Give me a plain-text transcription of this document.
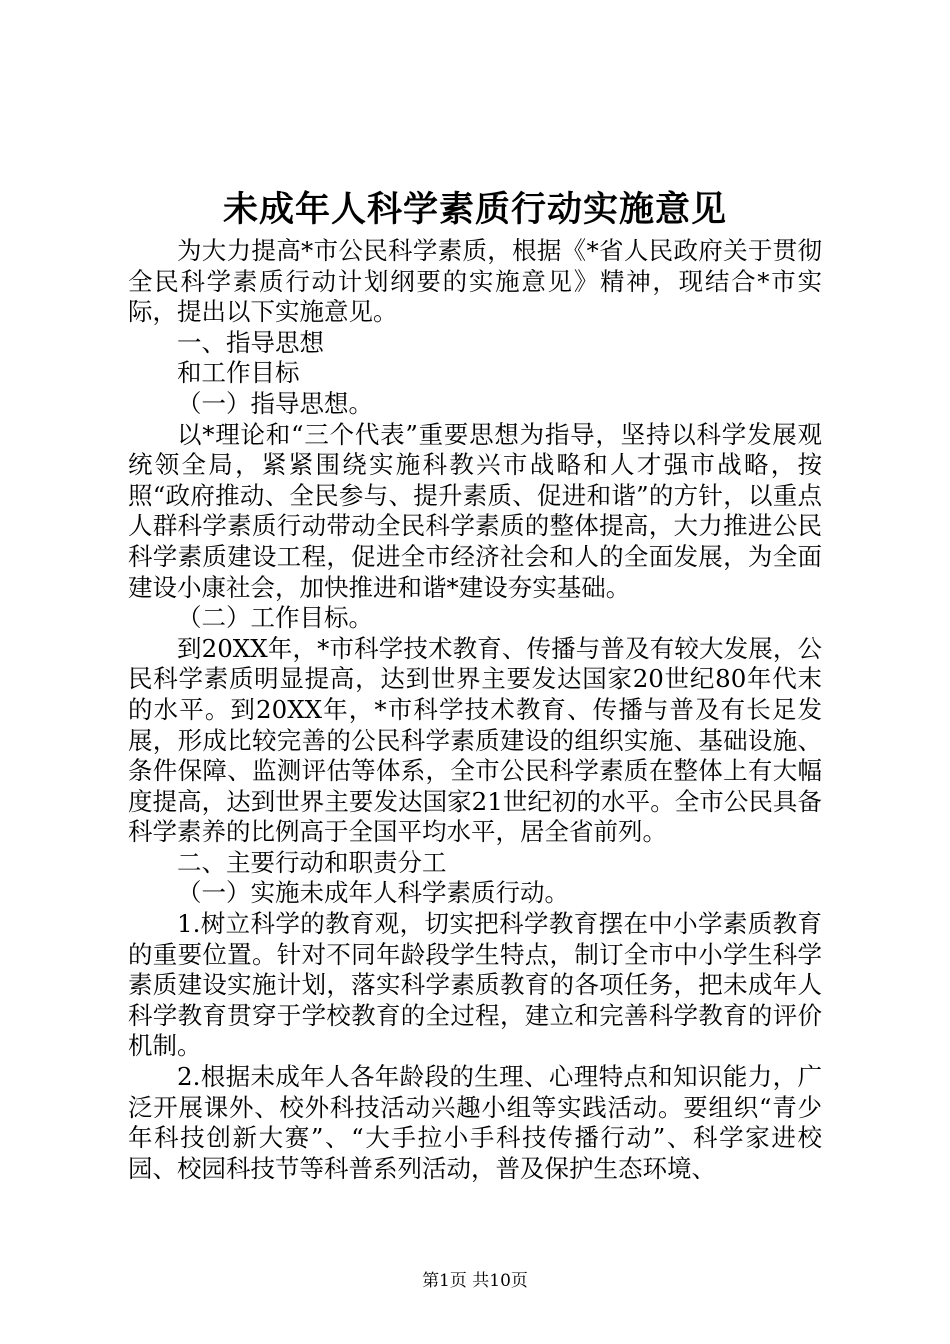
未成年人科学素质行动实施意见

为大力提高*市公民科学素质，根据《*省人民政府关于贯彻全民科学素质行动计划纲要的实施意见》精神，现结合*市实际，提出以下实施意见。

一、指导思想

和工作目标

（一）指导思想。

以*理论和“三个代表”重要思想为指导，坚持以科学发展观统领全局，紧紧围绕实施科教兴市战略和人才强市战略，按照“政府推动、全民参与、提升素质、促进和谐”的方针，以重点人群科学素质行动带动全民科学素质的整体提高，大力推进公民科学素质建设工程，促进全市经济社会和人的全面发展，为全面建设小康社会，加快推进和谐*建设夯实基础。

（二）工作目标。

到20XX年，*市科学技术教育、传播与普及有较大发展，公民科学素质明显提高，达到世界主要发达国家20世纪80年代末的水平。到20XX年，*市科学技术教育、传播与普及有长足发展，形成比较完善的公民科学素质建设的组织实施、基础设施、条件保障、监测评估等体系，全市公民科学素质在整体上有大幅度提高，达到世界主要发达国家21世纪初的水平。全市公民具备科学素养的比例高于全国平均水平，居全省前列。

二、主要行动和职责分工

（一）实施未成年人科学素质行动。

1.树立科学的教育观，切实把科学教育摆在中小学素质教育的重要位置。针对不同年龄段学生特点，制订全市中小学生科学素质建设实施计划，落实科学素质教育的各项任务，把未成年人科学教育贯穿于学校教育的全过程，建立和完善科学教育的评价机制。

2.根据未成年人各年龄段的生理、心理特点和知识能力，广泛开展课外、校外科技活动兴趣小组等实践活动。要组织“青少年科技创新大赛”、“大手拉小手科技传播行动”、科学家进校园、校园科技节等科普系列活动，普及保护生态环境、

第1页 共10页
